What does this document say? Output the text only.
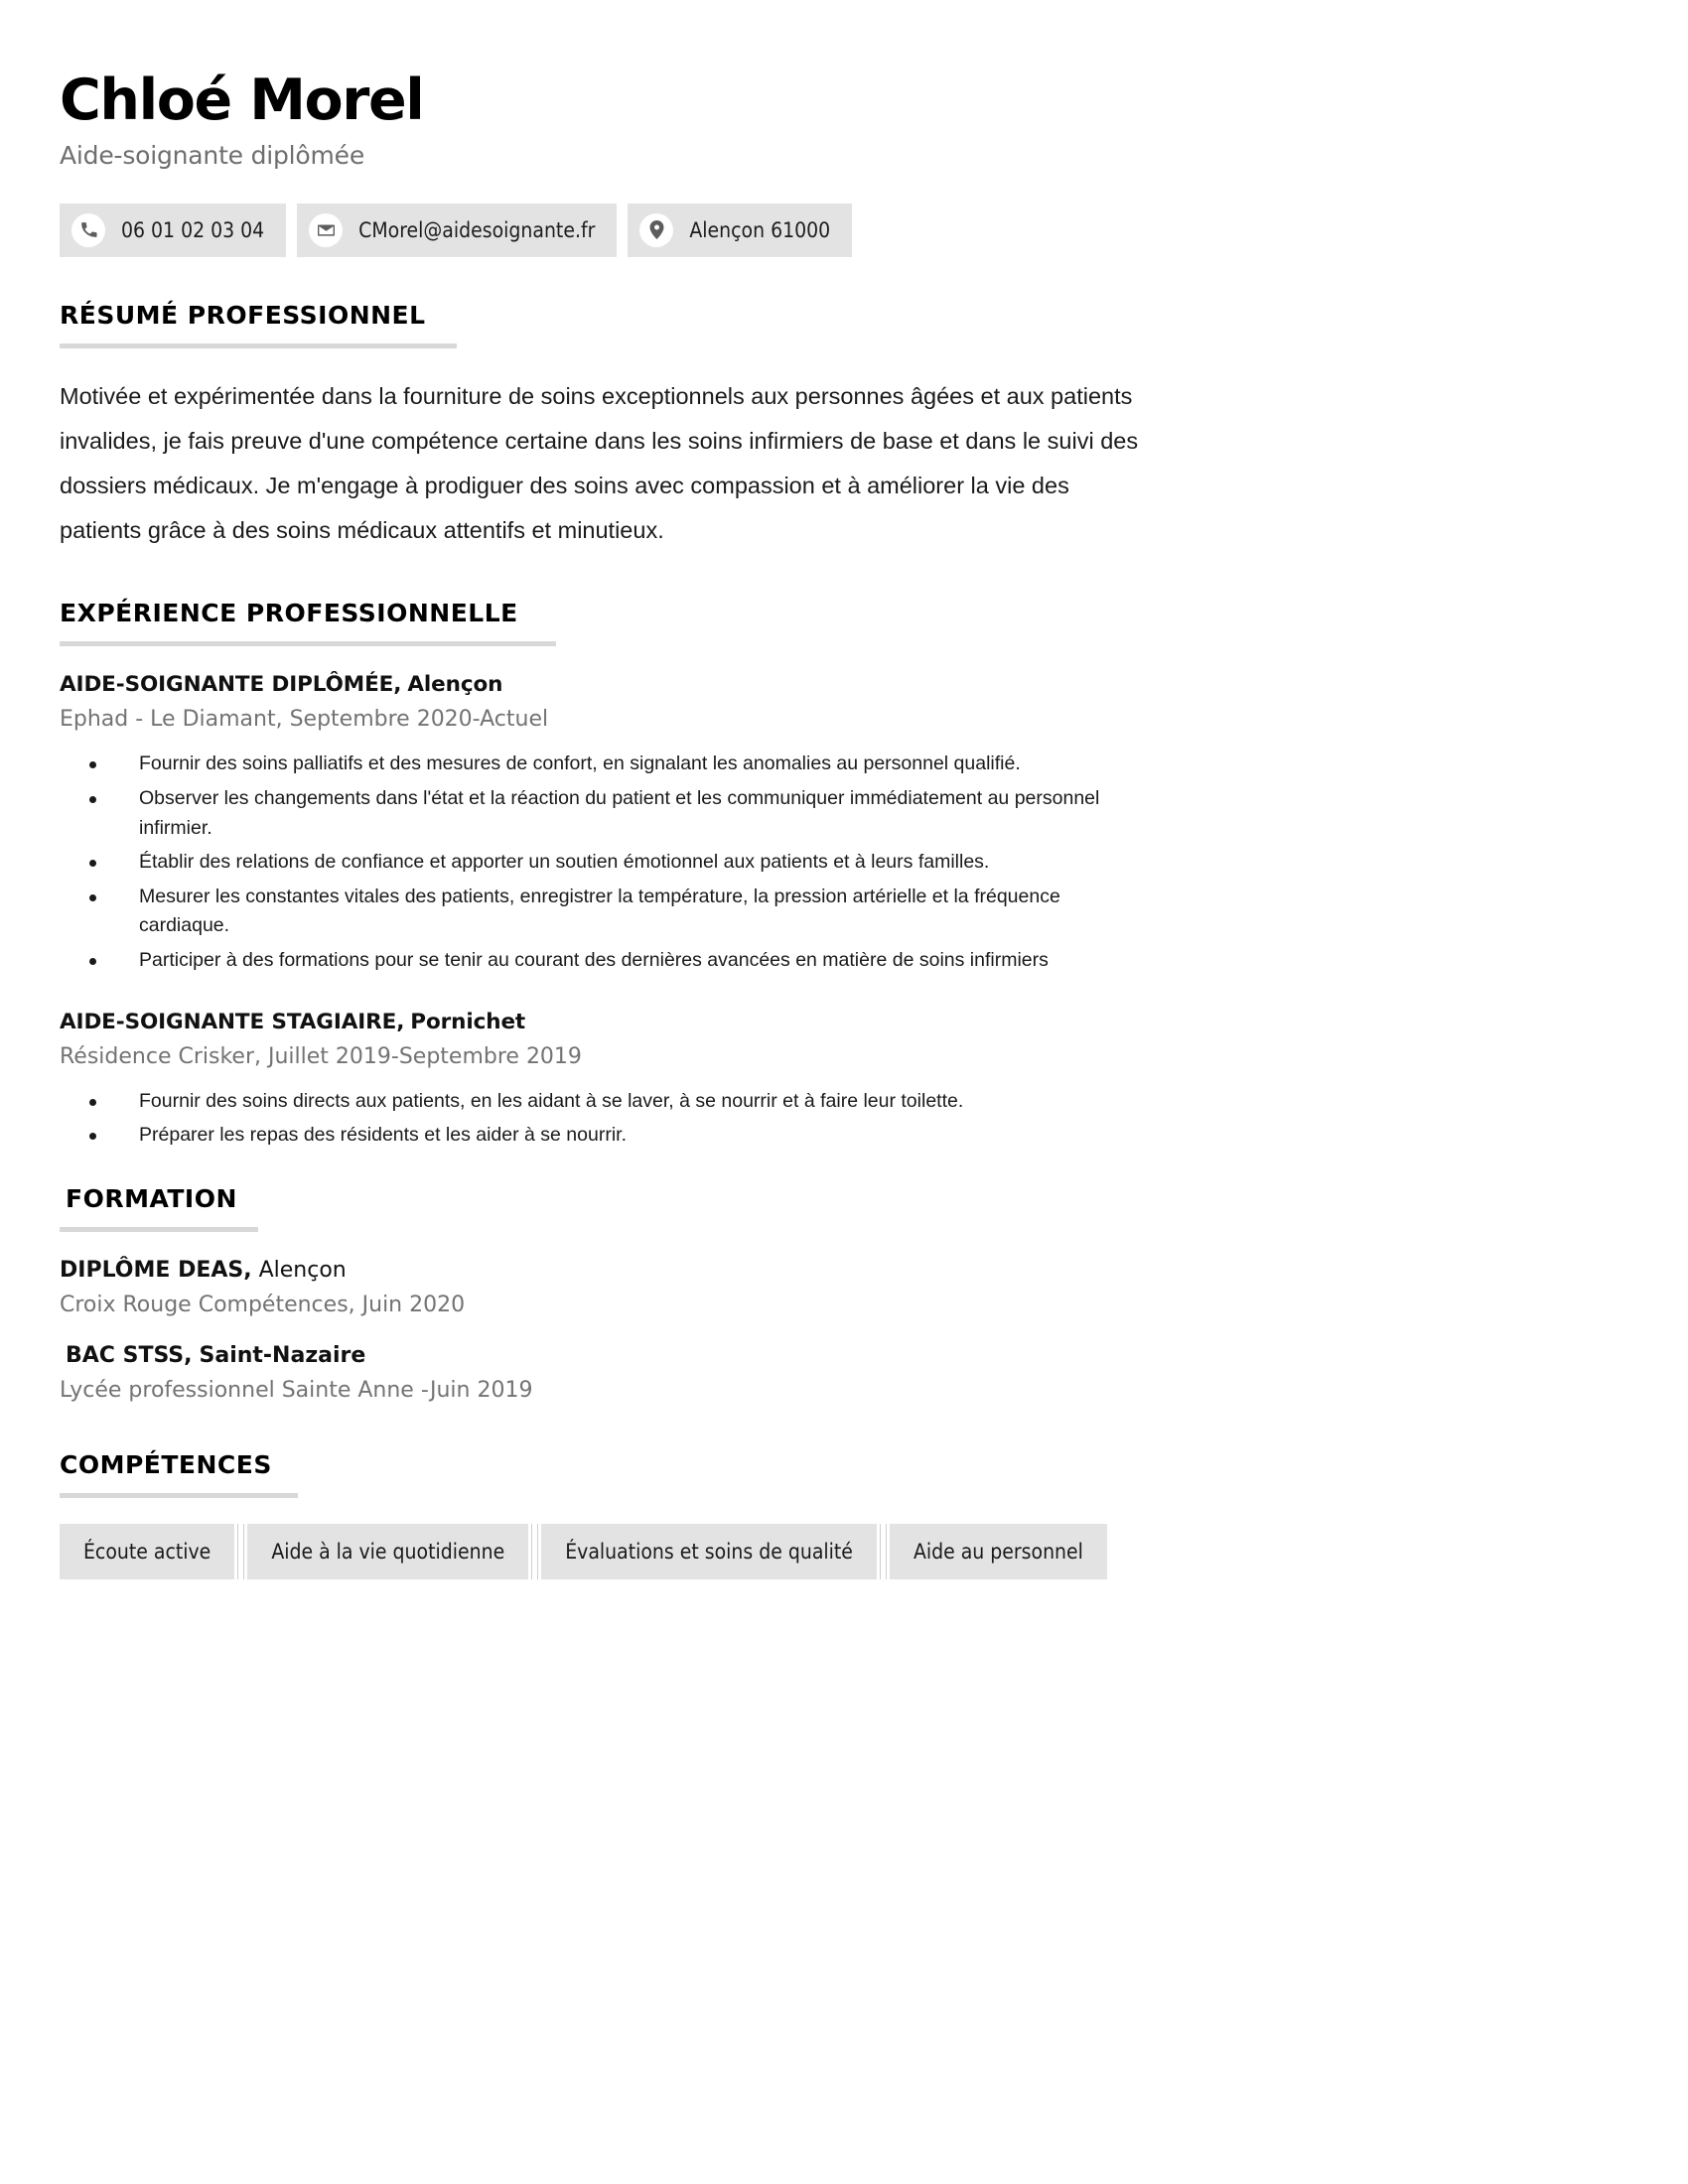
Chloé Morel
Aide-soignante diplômée
06 01 02 03 04	CMorel@aidesoignante.fr	Alençon 61000
RÉSUMÉ PROFESSIONNEL

Motivée et expérimentée dans la fourniture de soins exceptionnels aux personnes âgées et aux patients invalides, je fais preuve d'une compétence certaine dans les soins infirmiers de base et dans le suivi des dossiers médicaux. Je m'engage à prodiguer des soins avec compassion et à améliorer la vie des patients grâce à des soins médicaux attentifs et minutieux.

EXPÉRIENCE PROFESSIONNELLE
AIDE-SOIGNANTE DIPLÔMÉE, Alençon
Ephad - Le Diamant, Septembre 2020-Actuel
Fournir des soins palliatifs et des mesures de confort, en signalant les anomalies au personnel qualifié.
Observer les changements dans l'état et la réaction du patient et les communiquer immédiatement au personnel infirmier.
Établir des relations de confiance et apporter un soutien émotionnel aux patients et à leurs familles.
Mesurer les constantes vitales des patients, enregistrer la température, la pression artérielle et la fréquence cardiaque.
Participer à des formations pour se tenir au courant des dernières avancées en matière de soins infirmiers
AIDE-SOIGNANTE STAGIAIRE, Pornichet
Résidence Crisker, Juillet 2019-Septembre 2019
Fournir des soins directs aux patients, en les aidant à se laver, à se nourrir et à faire leur toilette.
Préparer les repas des résidents et les aider à se nourrir.
FORMATION
DIPLÔME DEAS, Alençon
Croix Rouge Compétences, Juin 2020
BAC STSS, Saint-Nazaire
Lycée professionnel Sainte Anne -Juin 2019
COMPÉTENCES
Écoute active	Aide à la vie quotidienne	Évaluations et soins de qualité	Aide au personnel
